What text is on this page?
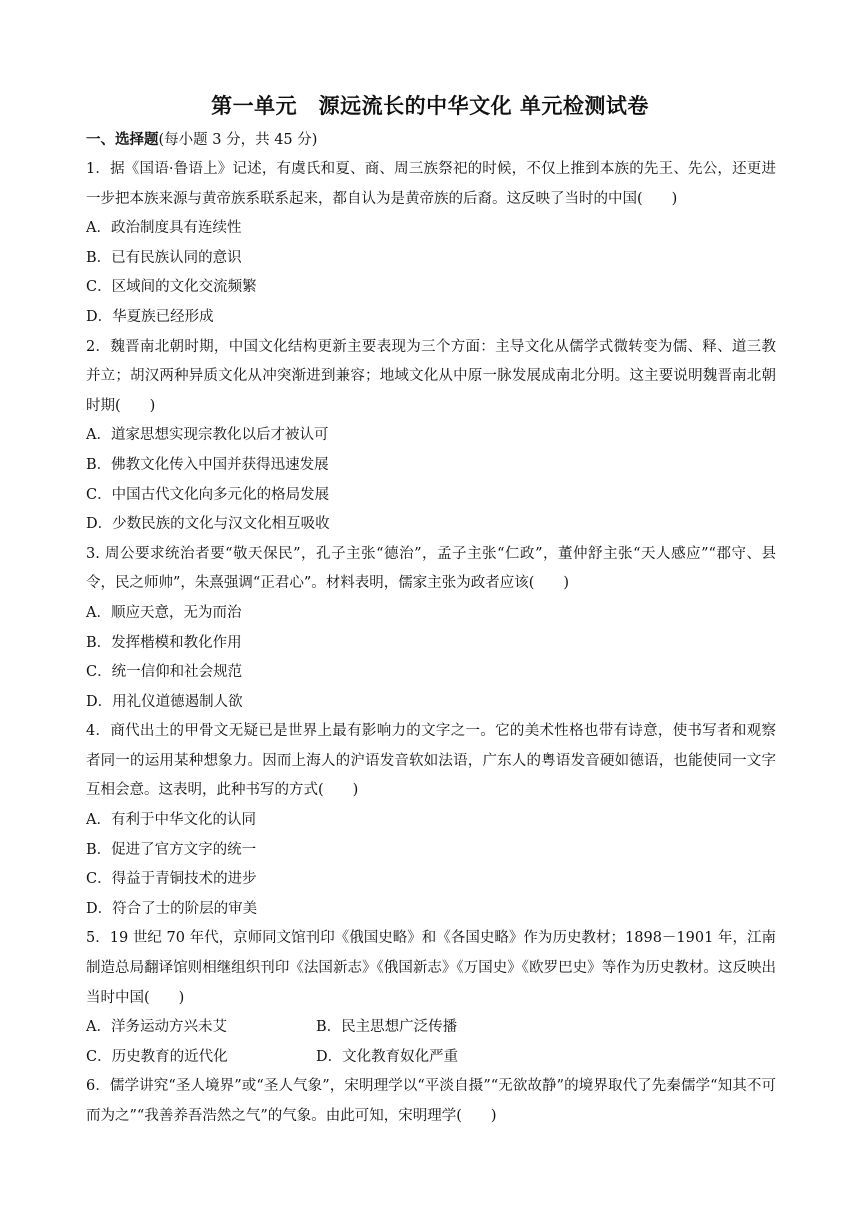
第一单元　源远流长的中华文化 单元检测试卷
一、选择题(每小题 3 分，共 45 分)
1．据《国语·鲁语上》记述，有虞氏和夏、商、周三族祭祀的时候，不仅上推到本族的先王、先公，还更进一步把本族来源与黄帝族系联系起来，都自认为是黄帝族的后裔。这反映了当时的中国(　　)
A．政治制度具有连续性
B．已有民族认同的意识
C．区域间的文化交流频繁
D．华夏族已经形成
2．魏晋南北朝时期，中国文化结构更新主要表现为三个方面：主导文化从儒学式微转变为儒、释、道三教并立；胡汉两种异质文化从冲突渐进到兼容；地域文化从中原一脉发展成南北分明。这主要说明魏晋南北朝时期(　　)
A．道家思想实现宗教化以后才被认可
B．佛教文化传入中国并获得迅速发展
C．中国古代文化向多元化的格局发展
D．少数民族的文化与汉文化相互吸收
3. 周公要求统治者要“敬天保民”，孔子主张“德治”，孟子主张“仁政”，董仲舒主张“天人感应”“郡守、县令，民之师帅”，朱熹强调“正君心”。材料表明，儒家主张为政者应该(　　)
A．顺应天意，无为而治
B．发挥楷模和教化作用
C．统一信仰和社会规范
D．用礼仪道德遏制人欲
4．商代出土的甲骨文无疑已是世界上最有影响力的文字之一。它的美术性格也带有诗意，使书写者和观察者同一的运用某种想象力。因而上海人的沪语发音软如法语，广东人的粤语发音硬如德语，也能使同一文字互相会意。这表明，此种书写的方式(　　)
A．有利于中华文化的认同
B．促进了官方文字的统一
C．得益于青铜技术的进步
D．符合了士的阶层的审美
5．19 世纪 70 年代，京师同文馆刊印《俄国史略》和《各国史略》作为历史教材；1898－1901 年，江南制造总局翻译馆则相继组织刊印《法国新志》《俄国新志》《万国史》《欧罗巴史》等作为历史教材。这反映出当时中国(　　)
A．洋务运动方兴未艾	B．民主思想广泛传播
C．历史教育的近代化	D．文化教育奴化严重
6．儒学讲究“圣人境界”或“圣人气象”，宋明理学以“平淡自摄”“无欲故静”的境界取代了先秦儒学“知其不可而为之”“我善养吾浩然之气”的气象。由此可知，宋明理学(　　)
